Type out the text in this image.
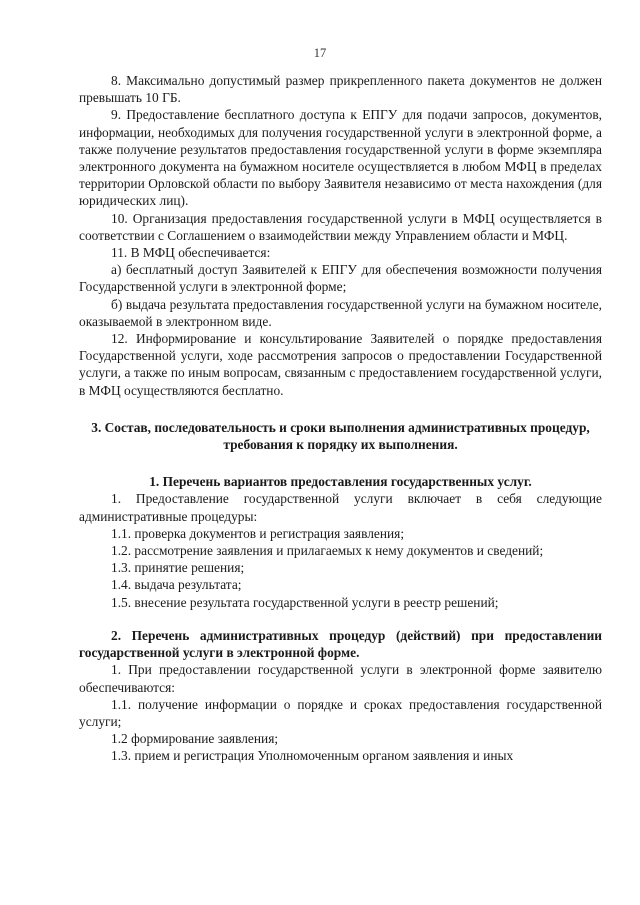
17

8. Максимально допустимый размер прикрепленного пакета документов не должен превышать 10 ГБ.

9. Предоставление бесплатного доступа к ЕПГУ для подачи запросов, документов, информации, необходимых для получения государственной услуги в электронной форме, а также получение результатов предоставления государственной услуги в форме экземпляра электронного документа на бумажном носителе осуществляется в любом МФЦ в пределах территории Орловской области по выбору Заявителя независимо от места нахождения (для юридических лиц).

10. Организация предоставления государственной услуги в МФЦ осуществляется в соответствии с Соглашением о взаимодействии между Управлением области и МФЦ.

11. В МФЦ обеспечивается:

а) бесплатный доступ Заявителей к ЕПГУ для обеспечения возможности получения Государственной услуги в электронной форме;

б) выдача результата предоставления государственной услуги на бумажном носителе, оказываемой в электронном виде.

12. Информирование и консультирование Заявителей о порядке предоставления Государственной услуги, ходе рассмотрения запросов о предоставлении Государственной услуги, а также по иным вопросам, связанным с предоставлением государственной услуги, в МФЦ осуществляются бесплатно.

3. Состав, последовательность и сроки выполнения административных процедур, требования к порядку их выполнения.

1. Перечень вариантов предоставления государственных услуг.

1. Предоставление государственной услуги включает в себя следующие административные процедуры:

1.1. проверка документов и регистрация заявления;

1.2. рассмотрение заявления и прилагаемых к нему документов и сведений;

1.3. принятие решения;

1.4. выдача результата;

1.5. внесение результата государственной услуги в реестр решений;

2. Перечень административных процедур (действий) при предоставлении государственной услуги в электронной форме.

1. При предоставлении государственной услуги в электронной форме заявителю обеспечиваются:

1.1. получение информации о порядке и сроках предоставления государственной услуги;

1.2 формирование заявления;

1.3. прием и регистрация Уполномоченным органом заявления и иных
